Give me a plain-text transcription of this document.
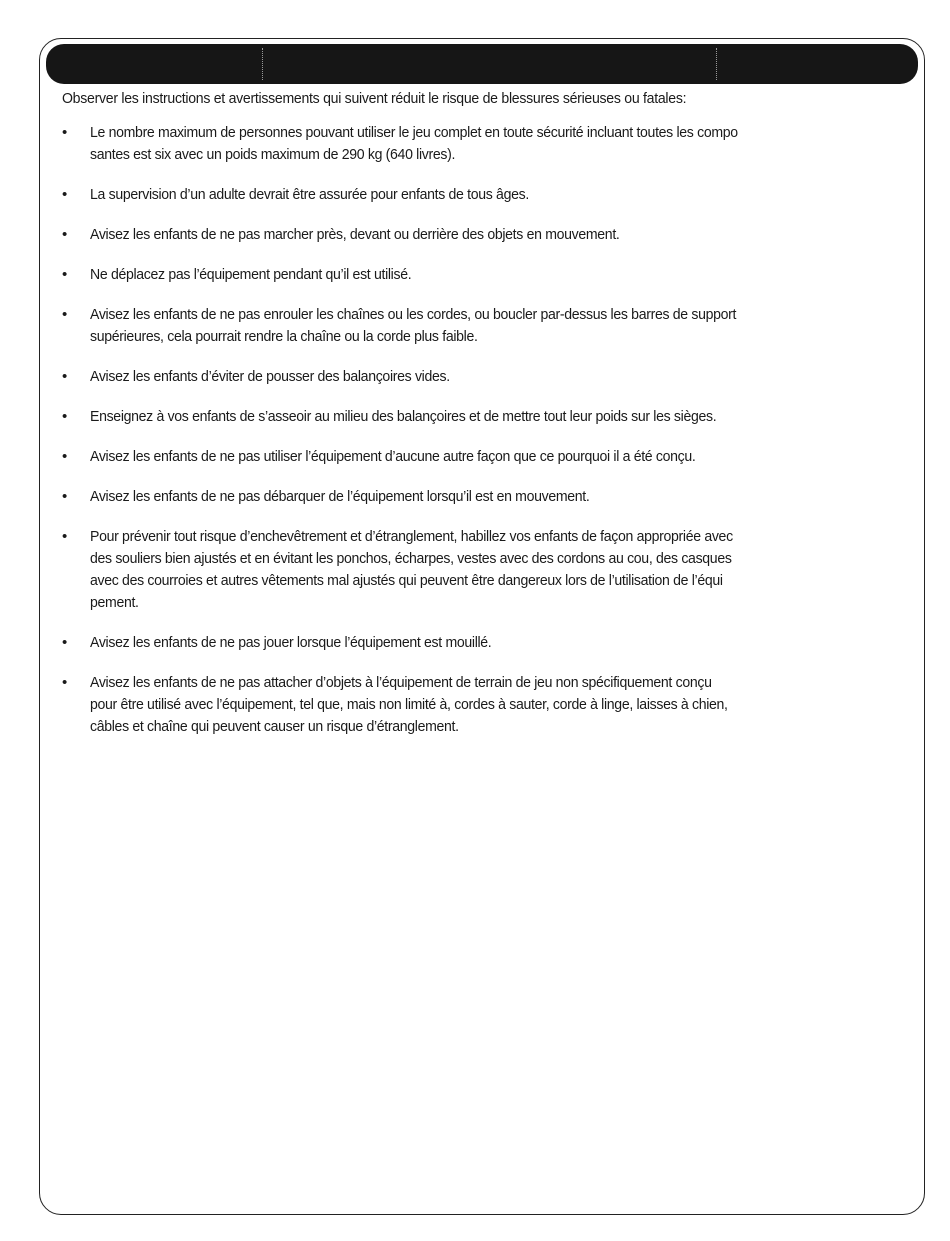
Observer les instructions et avertissements qui suivent réduit le risque de blessures sérieuses ou fatales:

• Le nombre maximum de personnes pouvant utiliser le jeu complet en toute sécurité incluant toutes les compo
santes est six avec un poids maximum de 290 kg (640 livres).
• La supervision d’un adulte devrait être assurée pour enfants de tous âges.
• Avisez les enfants de ne pas marcher près, devant ou derrière des objets en mouvement.
• Ne déplacez pas l’équipement pendant qu’il est utilisé.
• Avisez les enfants de ne pas enrouler les chaînes ou les cordes, ou boucler par-dessus les barres de support
supérieures, cela pourrait rendre la chaîne ou la corde plus faible.
• Avisez les enfants d’éviter de pousser des balançoires vides.
• Enseignez à vos enfants de s’asseoir au milieu des balançoires et de mettre tout leur poids sur les sièges.
• Avisez les enfants de ne pas utiliser l’équipement d’aucune autre façon que ce pourquoi il a été conçu.
• Avisez les enfants de ne pas débarquer de l’équipement lorsqu’il est en mouvement.
• Pour prévenir tout risque d’enchevêtrement et d’étranglement, habillez vos enfants de façon appropriée avec
des souliers bien ajustés et en évitant les ponchos, écharpes, vestes avec des cordons au cou, des casques
avec des courroies et autres vêtements mal ajustés qui peuvent être dangereux lors de l’utilisation de l’équi
pement.
• Avisez les enfants de ne pas jouer lorsque l’équipement est mouillé.
• Avisez les enfants de ne pas attacher d’objets à l’équipement de terrain de jeu non spécifiquement conçu
pour être utilisé avec l’équipement, tel que, mais non limité à, cordes à sauter, corde à linge, laisses à chien,
câbles et chaîne qui peuvent causer un risque d’étranglement.
